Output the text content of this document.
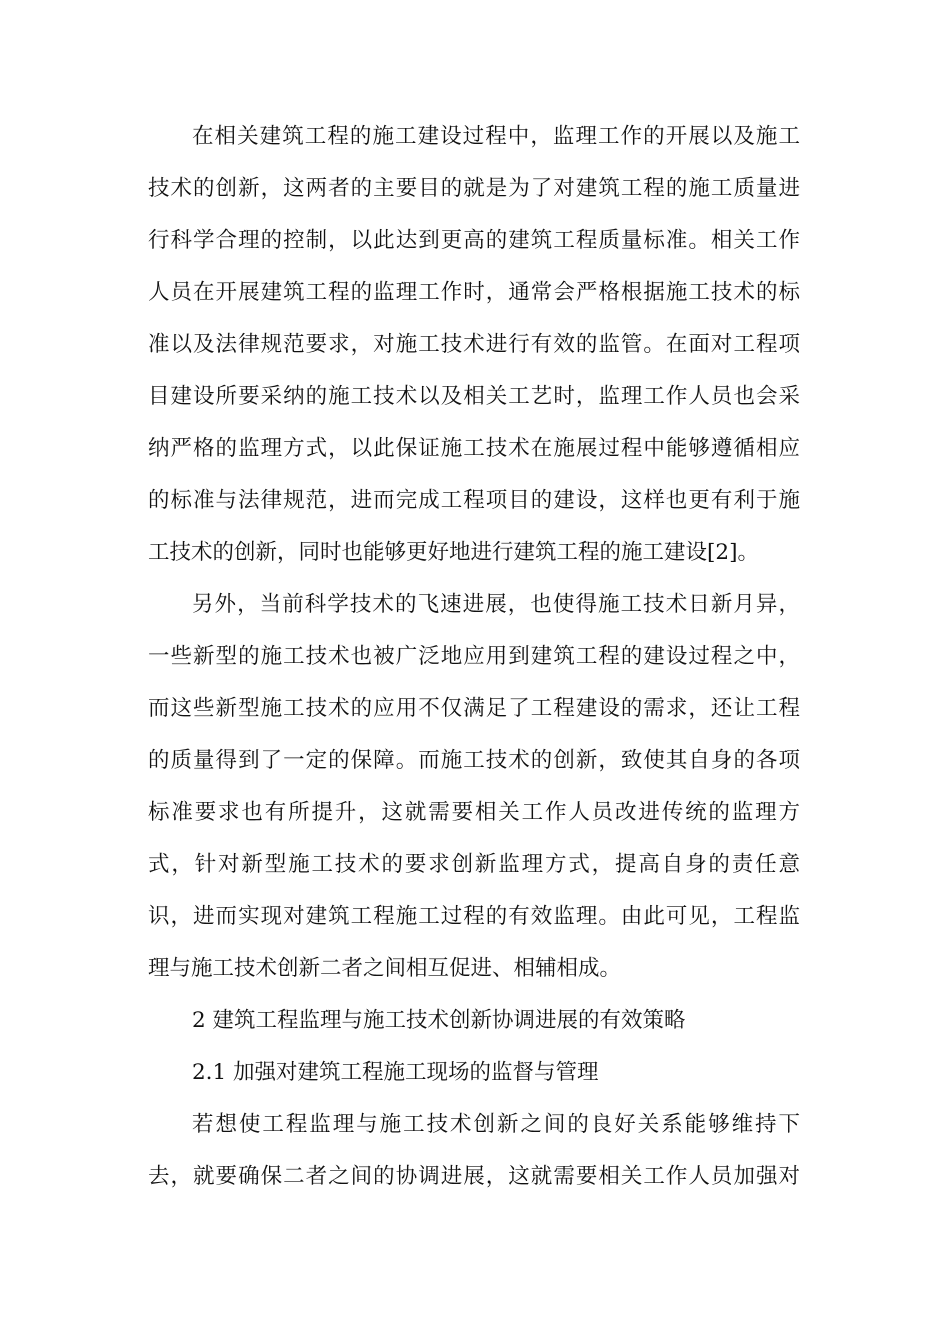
在相关建筑工程的施工建设过程中，监理工作的开展以及施工
技术的创新，这两者的主要目的就是为了对建筑工程的施工质量进
行科学合理的控制，以此达到更高的建筑工程质量标准。相关工作
人员在开展建筑工程的监理工作时，通常会严格根据施工技术的标
准以及法律规范要求，对施工技术进行有效的监管。在面对工程项
目建设所要采纳的施工技术以及相关工艺时，监理工作人员也会采
纳严格的监理方式，以此保证施工技术在施展过程中能够遵循相应
的标准与法律规范，进而完成工程项目的建设，这样也更有利于施
工技术的创新，同时也能够更好地进行建筑工程的施工建设[2]。
另外，当前科学技术的飞速进展，也使得施工技术日新月异，
一些新型的施工技术也被广泛地应用到建筑工程的建设过程之中，
而这些新型施工技术的应用不仅满足了工程建设的需求，还让工程
的质量得到了一定的保障。而施工技术的创新，致使其自身的各项
标准要求也有所提升，这就需要相关工作人员改进传统的监理方
式，针对新型施工技术的要求创新监理方式，提高自身的责任意
识，进而实现对建筑工程施工过程的有效监理。由此可见，工程监
理与施工技术创新二者之间相互促进、相辅相成。
2 建筑工程监理与施工技术创新协调进展的有效策略
2.1 加强对建筑工程施工现场的监督与管理
若想使工程监理与施工技术创新之间的良好关系能够维持下
去，就要确保二者之间的协调进展，这就需要相关工作人员加强对
